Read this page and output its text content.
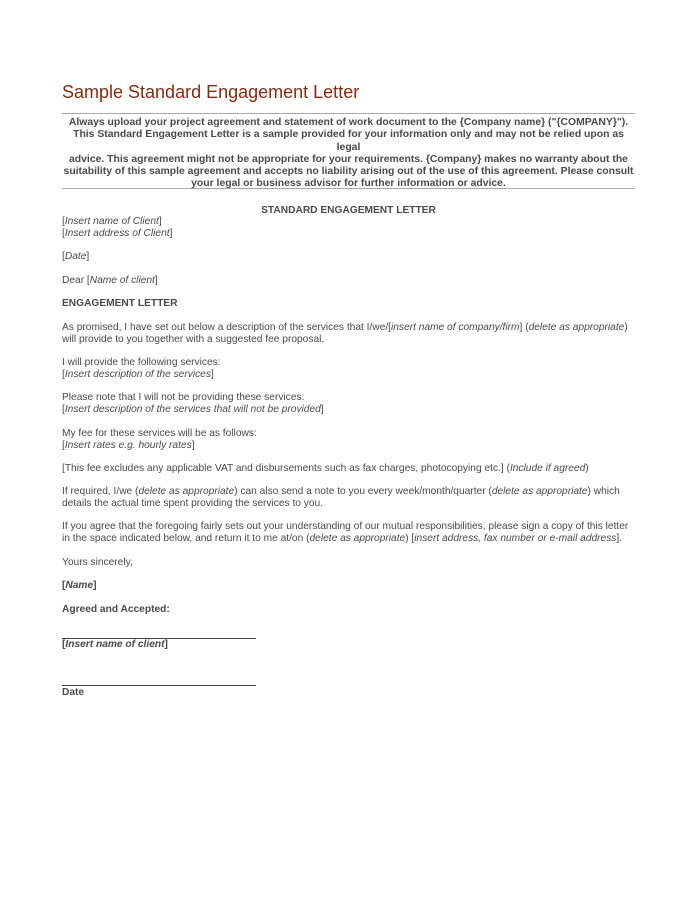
Sample Standard Engagement Letter

Always upload your project agreement and statement of work document to the {Company name} ("{COMPANY}").

This Standard Engagement Letter is a sample provided for your information only and may not be relied upon as legal

advice. This agreement might not be appropriate for your requirements. {Company} makes no warranty about the

suitability of this sample agreement and accepts no liability arising out of the use of this agreement. Please consult

your legal or business advisor for further information or advice.

STANDARD ENGAGEMENT LETTER

[Insert name of Client]

[Insert address of Client]

[Date]

Dear [Name of client]

ENGAGEMENT LETTER

As promised, I have set out below a description of the services that I/we/[insert name of company/firm] (delete as appropriate)

will provide to you together with a suggested fee proposal.

I will provide the following services:

[Insert description of the services]

Please note that I will not be providing these services:

[Insert description of the services that will not be provided]

My fee for these services will be as follows:

[Insert rates e.g. hourly rates]

[This fee excludes any applicable VAT and disbursements such as fax charges, photocopying etc.] (Include if agreed)

If required, I/we (delete as appropriate) can also send a note to you every week/month/quarter (delete as appropriate) which

details the actual time spent providing the services to you.

If you agree that the foregoing fairly sets out your understanding of our mutual responsibilities, please sign a copy of this letter

in the space indicated below, and return it to me at/on (delete as appropriate) [insert address, fax number or e-mail address].

Yours sincerely,

[Name]

Agreed and Accepted:

[Insert name of client]

Date
